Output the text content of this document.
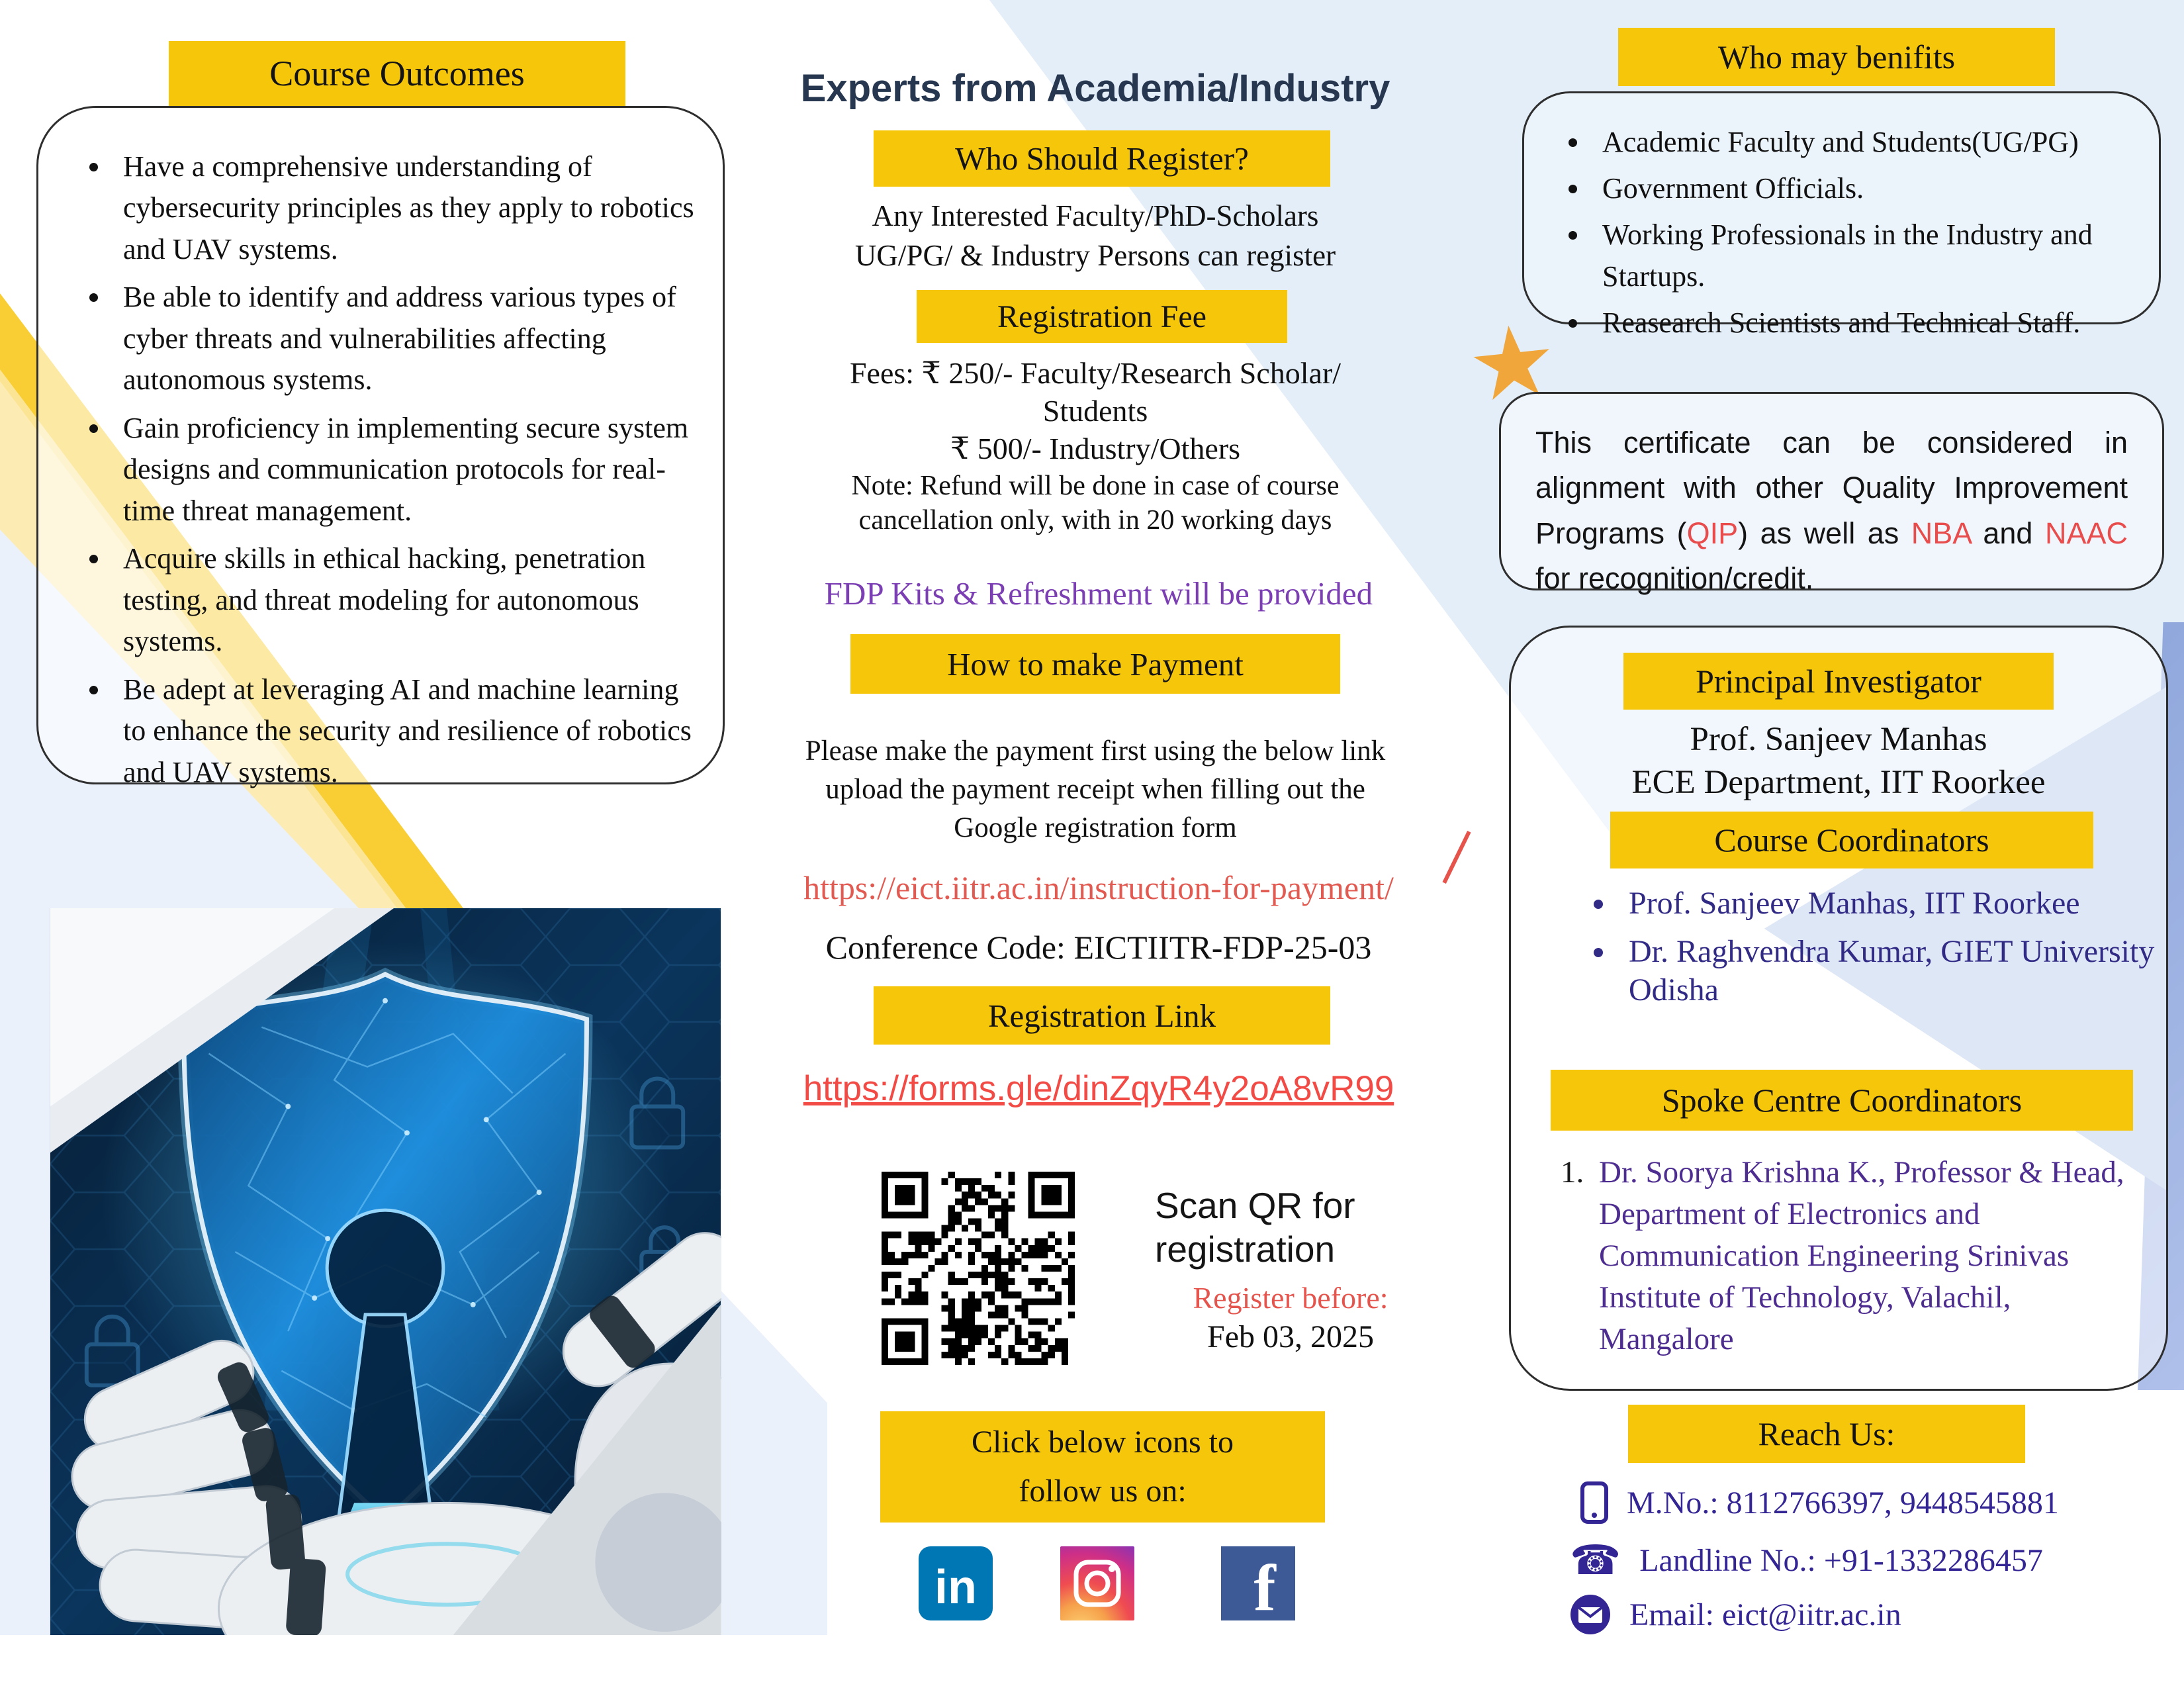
Course Outcomes
• Have a comprehensive understanding of cybersecurity principles as they apply to robotics and UAV systems.
• Be able to identify and address various types of cyber threats and vulnerabilities affecting autonomous systems.
• Gain proficiency in implementing secure system designs and communication protocols for real-time threat management.
• Acquire skills in ethical hacking, penetration testing, and threat modeling for autonomous systems.
• Be adept at leveraging AI and machine learning to enhance the security and resilience of robotics and UAV systems.
Experts from Academia/Industry
Who Should Register?
Any Interested Faculty/PhD-Scholars
UG/PG/ & Industry Persons can register
Registration Fee
Fees: ₹ 250/- Faculty/Research Scholar/
Students
₹ 500/- Industry/Others
Note: Refund will be done in case of course
cancellation only, with in 20 working days
FDP Kits & Refreshment will be provided
How to make Payment
Please make the payment first using the below link
upload the payment receipt when filling out the
Google registration form
https://eict.iitr.ac.in/instruction-for-payment/
Conference Code: EICTIITR-FDP-25-03
Registration Link
https://forms.gle/dinZqyR4y2oA8vR99
Scan QR for
registration
Register before:
Feb 03, 2025
Click below icons to
follow us on:
in	f
Who may benifits
• Academic Faculty and Students(UG/PG)
• Government Officials.
• Working Professionals in the Industry and Startups.
• Reasearch Scientists and Technical Staff.
★
This certificate can be considered in alignment with other Quality Improvement Programs (QIP) as well as NBA and NAAC for recognition/credit.
Principal Investigator
Prof. Sanjeev Manhas
ECE Department, IIT Roorkee
Course Coordinators
• Prof. Sanjeev Manhas, IIT Roorkee
• Dr. Raghvendra Kumar, GIET University Odisha
Spoke Centre Coordinators
1. Dr. Soorya Krishna K., Professor & Head, Department of Electronics and Communication Engineering Srinivas Institute of Technology, Valachil, Mangalore
Reach Us:
M.No.: 8112766397, 9448545881
☎ Landline No.: +91-1332286457
Email: eict@iitr.ac.in
